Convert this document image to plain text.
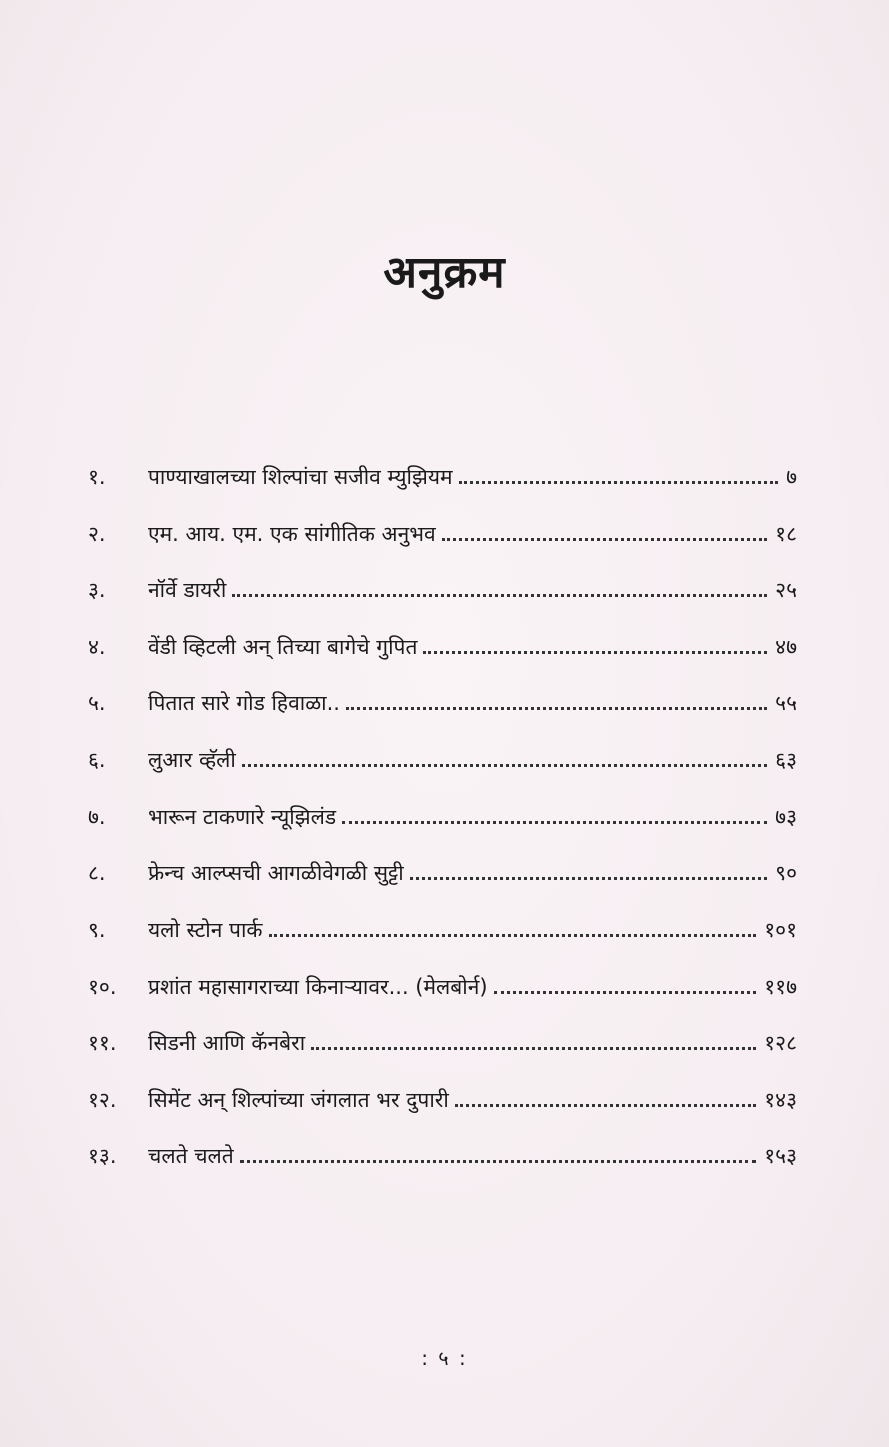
अनुक्रम
१.	पाण्याखालच्या शिल्पांचा सजीव म्युझियम	७
२.	एम. आय. एम. एक सांगीतिक अनुभव	१८
३.	नॉर्वे डायरी	२५
४.	वेंडी व्हिटली अन् तिच्या बागेचे गुपित	४७
५.	पितात सारे गोड हिवाळा..	५५
६.	लुआर व्हॅली	६३
७.	भारून टाकणारे न्यूझिलंड	७३
८.	फ्रेन्च आल्प्सची आगळीवेगळी सुट्टी	९०
९.	यलो स्टोन पार्क	१०१
१०.	प्रशांत महासागराच्या किनाऱ्यावर... (मेलबोर्न)	११७
११.	सिडनी आणि कॅनबेरा	१२८
१२.	सिमेंट अन् शिल्पांच्या जंगलात भर दुपारी	१४३
१३.	चलते चलते	१५३
: ५ :
